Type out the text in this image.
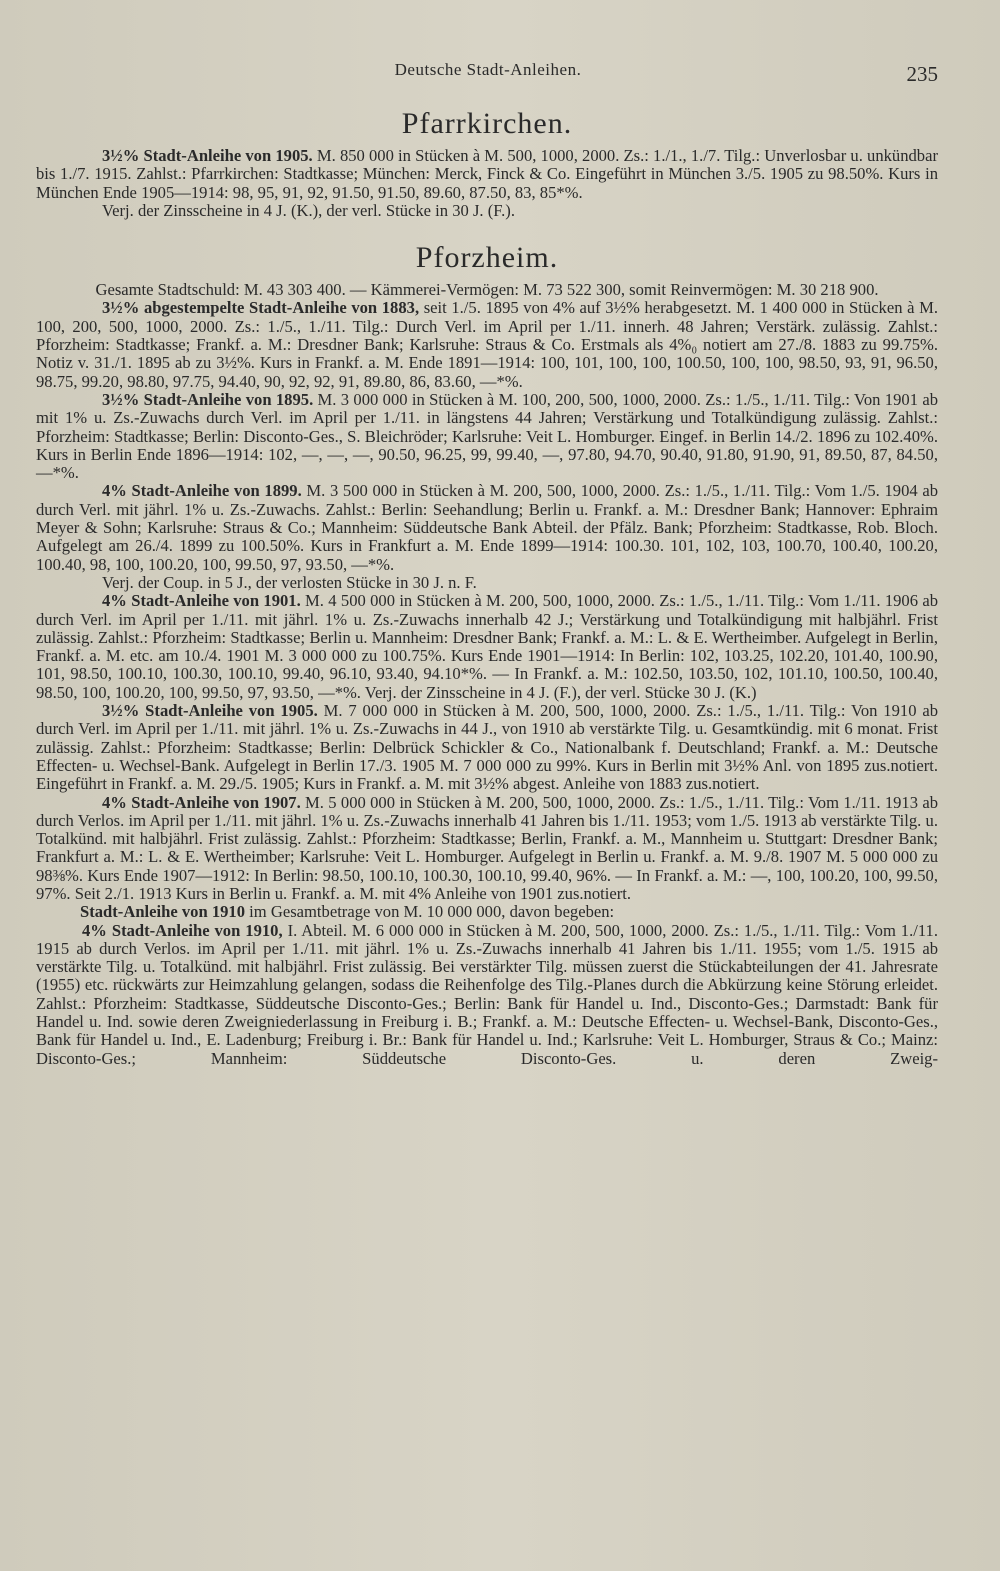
Deutsche Stadt-Anleihen.	235
Pfarrkirchen.

3½% Stadt-Anleihe von 1905. M. 850 000 in Stücken à M. 500, 1000, 2000. Zs.: 1./1., 1./7. Tilg.: Unverlosbar u. unkündbar bis 1./7. 1915. Zahlst.: Pfarrkirchen: Stadtkasse; München: Merck, Finck & Co. Eingeführt in München 3./5. 1905 zu 98.50%. Kurs in München Ende 1905—1914: 98, 95, 91, 92, 91.50, 91.50, 89.60, 87.50, 83, 85*%.

Verj. der Zinsscheine in 4 J. (K.), der verl. Stücke in 30 J. (F.).

Pforzheim.

Gesamte Stadtschuld: M. 43 303 400. — Kämmerei-Vermögen: M. 73 522 300, somit Reinvermögen: M. 30 218 900.

3½% abgestempelte Stadt-Anleihe von 1883, seit 1./5. 1895 von 4% auf 3½% herabgesetzt. M. 1 400 000 in Stücken à M. 100, 200, 500, 1000, 2000. Zs.: 1./5., 1./11. Tilg.: Durch Verl. im April per 1./11. innerh. 48 Jahren; Verstärk. zulässig. Zahlst.: Pforzheim: Stadtkasse; Frankf. a. M.: Dresdner Bank; Karlsruhe: Straus & Co. Erstmals als 4%₀ notiert am 27./8. 1883 zu 99.75%. Notiz v. 31./1. 1895 ab zu 3½%. Kurs in Frankf. a. M. Ende 1891—1914: 100, 101, 100, 100, 100.50, 100, 100, 98.50, 93, 91, 96.50, 98.75, 99.20, 98.80, 97.75, 94.40, 90, 92, 92, 91, 89.80, 86, 83.60, —*%.

3½% Stadt-Anleihe von 1895. M. 3 000 000 in Stücken à M. 100, 200, 500, 1000, 2000. Zs.: 1./5., 1./11. Tilg.: Von 1901 ab mit 1% u. Zs.-Zuwachs durch Verl. im April per 1./11. in längstens 44 Jahren; Verstärkung und Totalkündigung zulässig. Zahlst.: Pforzheim: Stadtkasse; Berlin: Disconto-Ges., S. Bleichröder; Karlsruhe: Veit L. Homburger. Eingef. in Berlin 14./2. 1896 zu 102.40%. Kurs in Berlin Ende 1896—1914: 102, —, —, —, 90.50, 96.25, 99, 99.40, —, 97.80, 94.70, 90.40, 91.80, 91.90, 91, 89.50, 87, 84.50, —*%.

4% Stadt-Anleihe von 1899. M. 3 500 000 in Stücken à M. 200, 500, 1000, 2000. Zs.: 1./5., 1./11. Tilg.: Vom 1./5. 1904 ab durch Verl. mit jährl. 1% u. Zs.-Zuwachs. Zahlst.: Berlin: Seehandlung; Berlin u. Frankf. a. M.: Dresdner Bank; Hannover: Ephraim Meyer & Sohn; Karlsruhe: Straus & Co.; Mannheim: Süddeutsche Bank Abteil. der Pfälz. Bank; Pforzheim: Stadtkasse, Rob. Bloch. Aufgelegt am 26./4. 1899 zu 100.50%. Kurs in Frankfurt a. M. Ende 1899—1914: 100.30. 101, 102, 103, 100.70, 100.40, 100.20, 100.40, 98, 100, 100.20, 100, 99.50, 97, 93.50, —*%.

Verj. der Coup. in 5 J., der verlosten Stücke in 30 J. n. F.

4% Stadt-Anleihe von 1901. M. 4 500 000 in Stücken à M. 200, 500, 1000, 2000. Zs.: 1./5., 1./11. Tilg.: Vom 1./11. 1906 ab durch Verl. im April per 1./11. mit jährl. 1% u. Zs.-Zuwachs innerhalb 42 J.; Verstärkung und Totalkündigung mit halbjährl. Frist zulässig. Zahlst.: Pforzheim: Stadtkasse; Berlin u. Mannheim: Dresdner Bank; Frankf. a. M.: L. & E. Wertheimber. Aufgelegt in Berlin, Frankf. a. M. etc. am 10./4. 1901 M. 3 000 000 zu 100.75%. Kurs Ende 1901—1914: In Berlin: 102, 103.25, 102.20, 101.40, 100.90, 101, 98.50, 100.10, 100.30, 100.10, 99.40, 96.10, 93.40, 94.10*%. — In Frankf. a. M.: 102.50, 103.50, 102, 101.10, 100.50, 100.40, 98.50, 100, 100.20, 100, 99.50, 97, 93.50, —*%. Verj. der Zinsscheine in 4 J. (F.), der verl. Stücke 30 J. (K.)

3½% Stadt-Anleihe von 1905. M. 7 000 000 in Stücken à M. 200, 500, 1000, 2000. Zs.: 1./5., 1./11. Tilg.: Von 1910 ab durch Verl. im April per 1./11. mit jährl. 1% u. Zs.-Zuwachs in 44 J., von 1910 ab verstärkte Tilg. u. Gesamtkündig. mit 6 monat. Frist zulässig. Zahlst.: Pforzheim: Stadtkasse; Berlin: Delbrück Schickler & Co., Nationalbank f. Deutschland; Frankf. a. M.: Deutsche Effecten- u. Wechsel-Bank. Aufgelegt in Berlin 17./3. 1905 M. 7 000 000 zu 99%. Kurs in Berlin mit 3½% Anl. von 1895 zus.notiert. Eingeführt in Frankf. a. M. 29./5. 1905; Kurs in Frankf. a. M. mit 3½% abgest. Anleihe von 1883 zus.notiert.

4% Stadt-Anleihe von 1907. M. 5 000 000 in Stücken à M. 200, 500, 1000, 2000. Zs.: 1./5., 1./11. Tilg.: Vom 1./11. 1913 ab durch Verlos. im April per 1./11. mit jährl. 1% u. Zs.-Zuwachs innerhalb 41 Jahren bis 1./11. 1953; vom 1./5. 1913 ab verstärkte Tilg. u. Totalkünd. mit halbjährl. Frist zulässig. Zahlst.: Pforzheim: Stadtkasse; Berlin, Frankf. a. M., Mannheim u. Stuttgart: Dresdner Bank; Frankfurt a. M.: L. & E. Wertheimber; Karlsruhe: Veit L. Homburger. Aufgelegt in Berlin u. Frankf. a. M. 9./8. 1907 M. 5 000 000 zu 98⅜%. Kurs Ende 1907—1912: In Berlin: 98.50, 100.10, 100.30, 100.10, 99.40, 96%. — In Frankf. a. M.: —, 100, 100.20, 100, 99.50, 97%. Seit 2./1. 1913 Kurs in Berlin u. Frankf. a. M. mit 4% Anleihe von 1901 zus.notiert.

Stadt-Anleihe von 1910 im Gesamtbetrage von M. 10 000 000, davon begeben:

4% Stadt-Anleihe von 1910, I. Abteil. M. 6 000 000 in Stücken à M. 200, 500, 1000, 2000. Zs.: 1./5., 1./11. Tilg.: Vom 1./11. 1915 ab durch Verlos. im April per 1./11. mit jährl. 1% u. Zs.-Zuwachs innerhalb 41 Jahren bis 1./11. 1955; vom 1./5. 1915 ab verstärkte Tilg. u. Totalkünd. mit halbjährl. Frist zulässig. Bei verstärkter Tilg. müssen zuerst die Stückabteilungen der 41. Jahresrate (1955) etc. rückwärts zur Heimzahlung gelangen, sodass die Reihenfolge des Tilg.-Planes durch die Abkürzung keine Störung erleidet. Zahlst.: Pforzheim: Stadtkasse, Süddeutsche Disconto-Ges.; Berlin: Bank für Handel u. Ind., Disconto-Ges.; Darmstadt: Bank für Handel u. Ind. sowie deren Zweigniederlassung in Freiburg i. B.; Frankf. a. M.: Deutsche Effecten- u. Wechsel-Bank, Disconto-Ges., Bank für Handel u. Ind., E. Ladenburg; Freiburg i. Br.: Bank für Handel u. Ind.; Karlsruhe: Veit L. Homburger, Straus & Co.; Mainz: Disconto-Ges.; Mannheim: Süddeutsche Disconto-Ges. u. deren Zweig-
